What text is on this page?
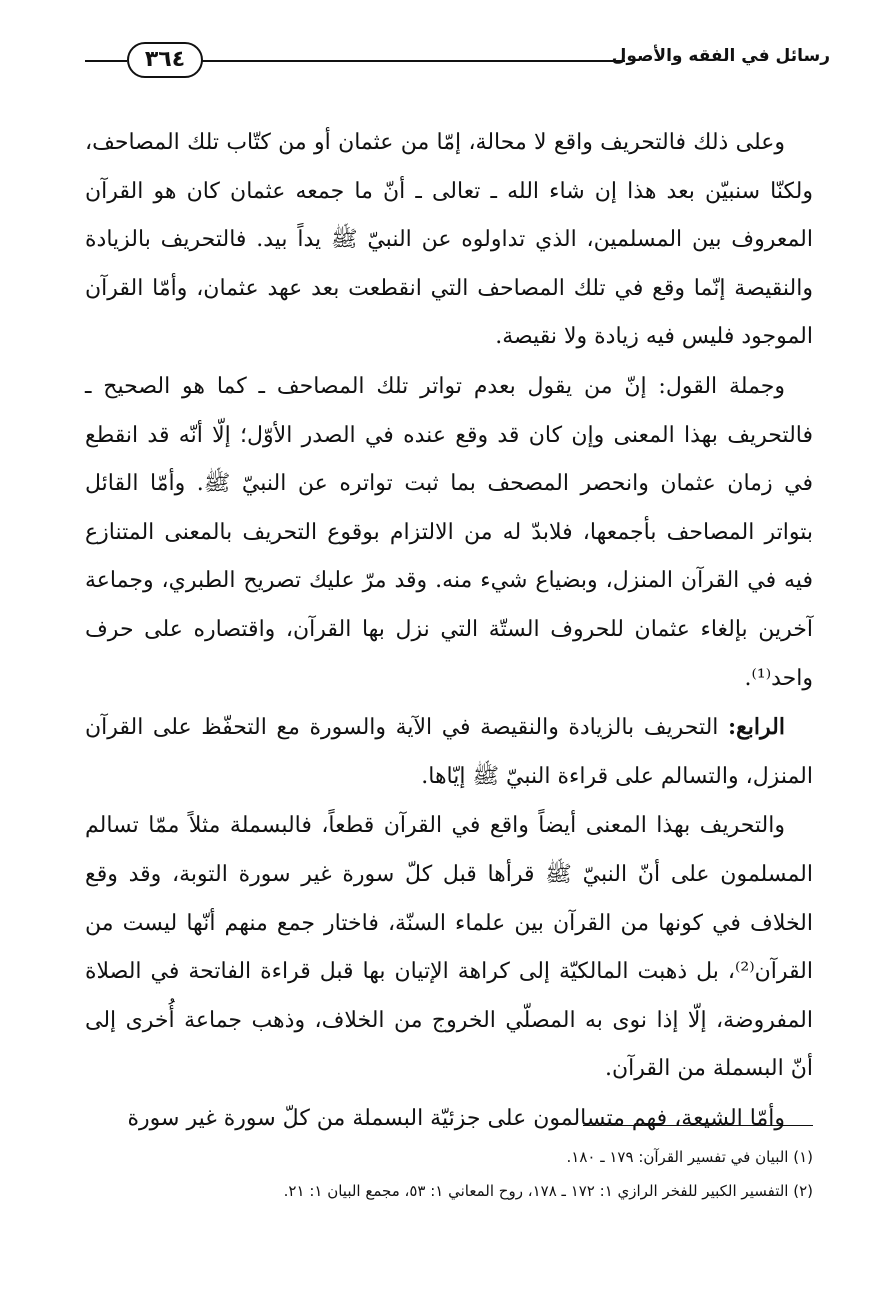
٣٦٤	رسائل في الفقه والأصول

وعلى ذلك فالتحريف واقع لا محالة، إمّا من عثمان أو من كتّاب تلك المصاحف، ولكنّا سنبيّن بعد هذا إن شاء الله ـ تعالى ـ أنّ ما جمعه عثمان كان هو القرآن المعروف بين المسلمين، الذي تداولوه عن النبيّ ﷺ يداً بيد. فالتحريف بالزيادة والنقيصة إنّما وقع في تلك المصاحف التي انقطعت بعد عهد عثمان، وأمّا القرآن الموجود فليس فيه زيادة ولا نقيصة.

وجملة القول: إنّ من يقول بعدم تواتر تلك المصاحف ـ كما هو الصحيح ـ فالتحريف بهذا المعنى وإن كان قد وقع عنده في الصدر الأوّل؛ إلّا أنّه قد انقطع في زمان عثمان وانحصر المصحف بما ثبت تواتره عن النبيّ ﷺ. وأمّا القائل بتواتر المصاحف بأجمعها، فلابدّ له من الالتزام بوقوع التحريف بالمعنى المتنازع فيه في القرآن المنزل، وبضياع شيء منه. وقد مرّ عليك تصريح الطبري، وجماعة آخرين بإلغاء عثمان للحروف الستّة التي نزل بها القرآن، واقتصاره على حرف واحد⁽¹⁾.

الرابع: التحريف بالزيادة والنقيصة في الآية والسورة مع التحفّظ على القرآن المنزل، والتسالم على قراءة النبيّ ﷺ إيّاها.

والتحريف بهذا المعنى أيضاً واقع في القرآن قطعاً، فالبسملة مثلاً ممّا تسالم المسلمون على أنّ النبيّ ﷺ قرأها قبل كلّ سورة غير سورة التوبة، وقد وقع الخلاف في كونها من القرآن بين علماء السنّة، فاختار جمع منهم أنّها ليست من القرآن⁽²⁾، بل ذهبت المالكيّة إلى كراهة الإتيان بها قبل قراءة الفاتحة في الصلاة المفروضة، إلّا إذا نوى به المصلّي الخروج من الخلاف، وذهب جماعة أُخرى إلى أنّ البسملة من القرآن.

وأمّا الشيعة، فهم متسالمون على جزئيّة البسملة من كلّ سورة غير سورة

(١) البيان في تفسير القرآن: ١٧٩ ـ ١٨٠.

(٢) التفسير الكبير للفخر الرازي ١: ١٧٢ ـ ١٧٨، روح المعاني ١: ٥٣، مجمع البيان ١: ٢١.
